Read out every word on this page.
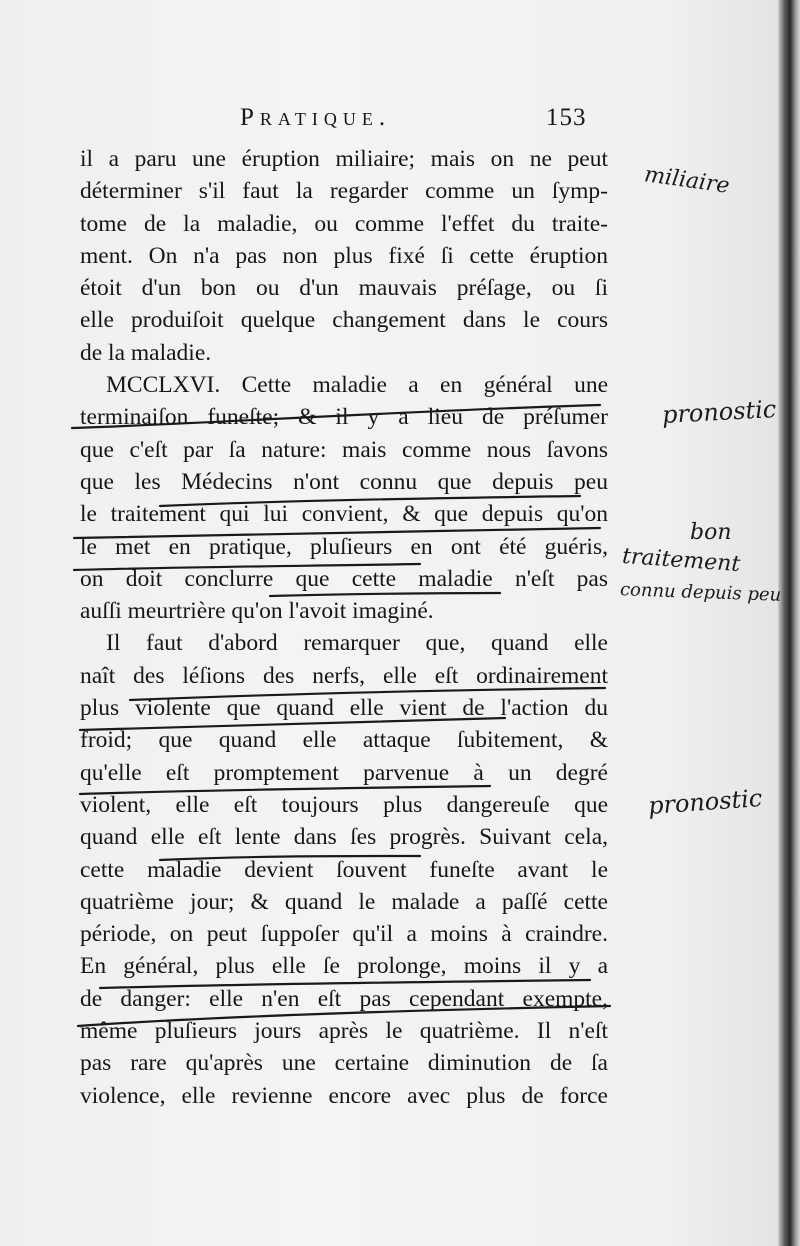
Pratique.	153
il a paru une éruption miliaire; mais on ne peut
déterminer s'il faut la regarder comme un ſymp-
tome de la maladie, ou comme l'effet du traite-
ment. On n'a pas non plus fixé ſi cette éruption
étoit d'un bon ou d'un mauvais préſage, ou ſi
elle produiſoit quelque changement dans le cours
de la maladie.
MCCLXVI. Cette maladie a en général une
terminaiſon funeſte; & il y a lieu de préſumer
que c'eſt par ſa nature: mais comme nous ſavons
que les Médecins n'ont connu que depuis peu
le traitement qui lui convient, & que depuis qu'on
le met en pratique, pluſieurs en ont été guéris,
on doit conclurre que cette maladie n'eſt pas
auſſi meurtrière qu'on l'avoit imaginé.
Il faut d'abord remarquer que, quand elle
naît des léſions des nerfs, elle eſt ordinairement
plus violente que quand elle vient de l'action du
froid; que quand elle attaque ſubitement, &
qu'elle eſt promptement parvenue à un degré
violent, elle eſt toujours plus dangereuſe que
quand elle eſt lente dans ſes progrès. Suivant cela,
cette maladie devient ſouvent funeſte avant le
quatrième jour; & quand le malade a paſſé cette
période, on peut ſuppoſer qu'il a moins à craindre.
En général, plus elle ſe prolonge, moins il y a
de danger: elle n'en eſt pas cependant exempte,
même pluſieurs jours après le quatrième. Il n'eſt
pas rare qu'après une certaine diminution de ſa
violence, elle revienne encore avec plus de force
miliaire
pronostic
bon
traitement
connu depuis peu
pronostic
